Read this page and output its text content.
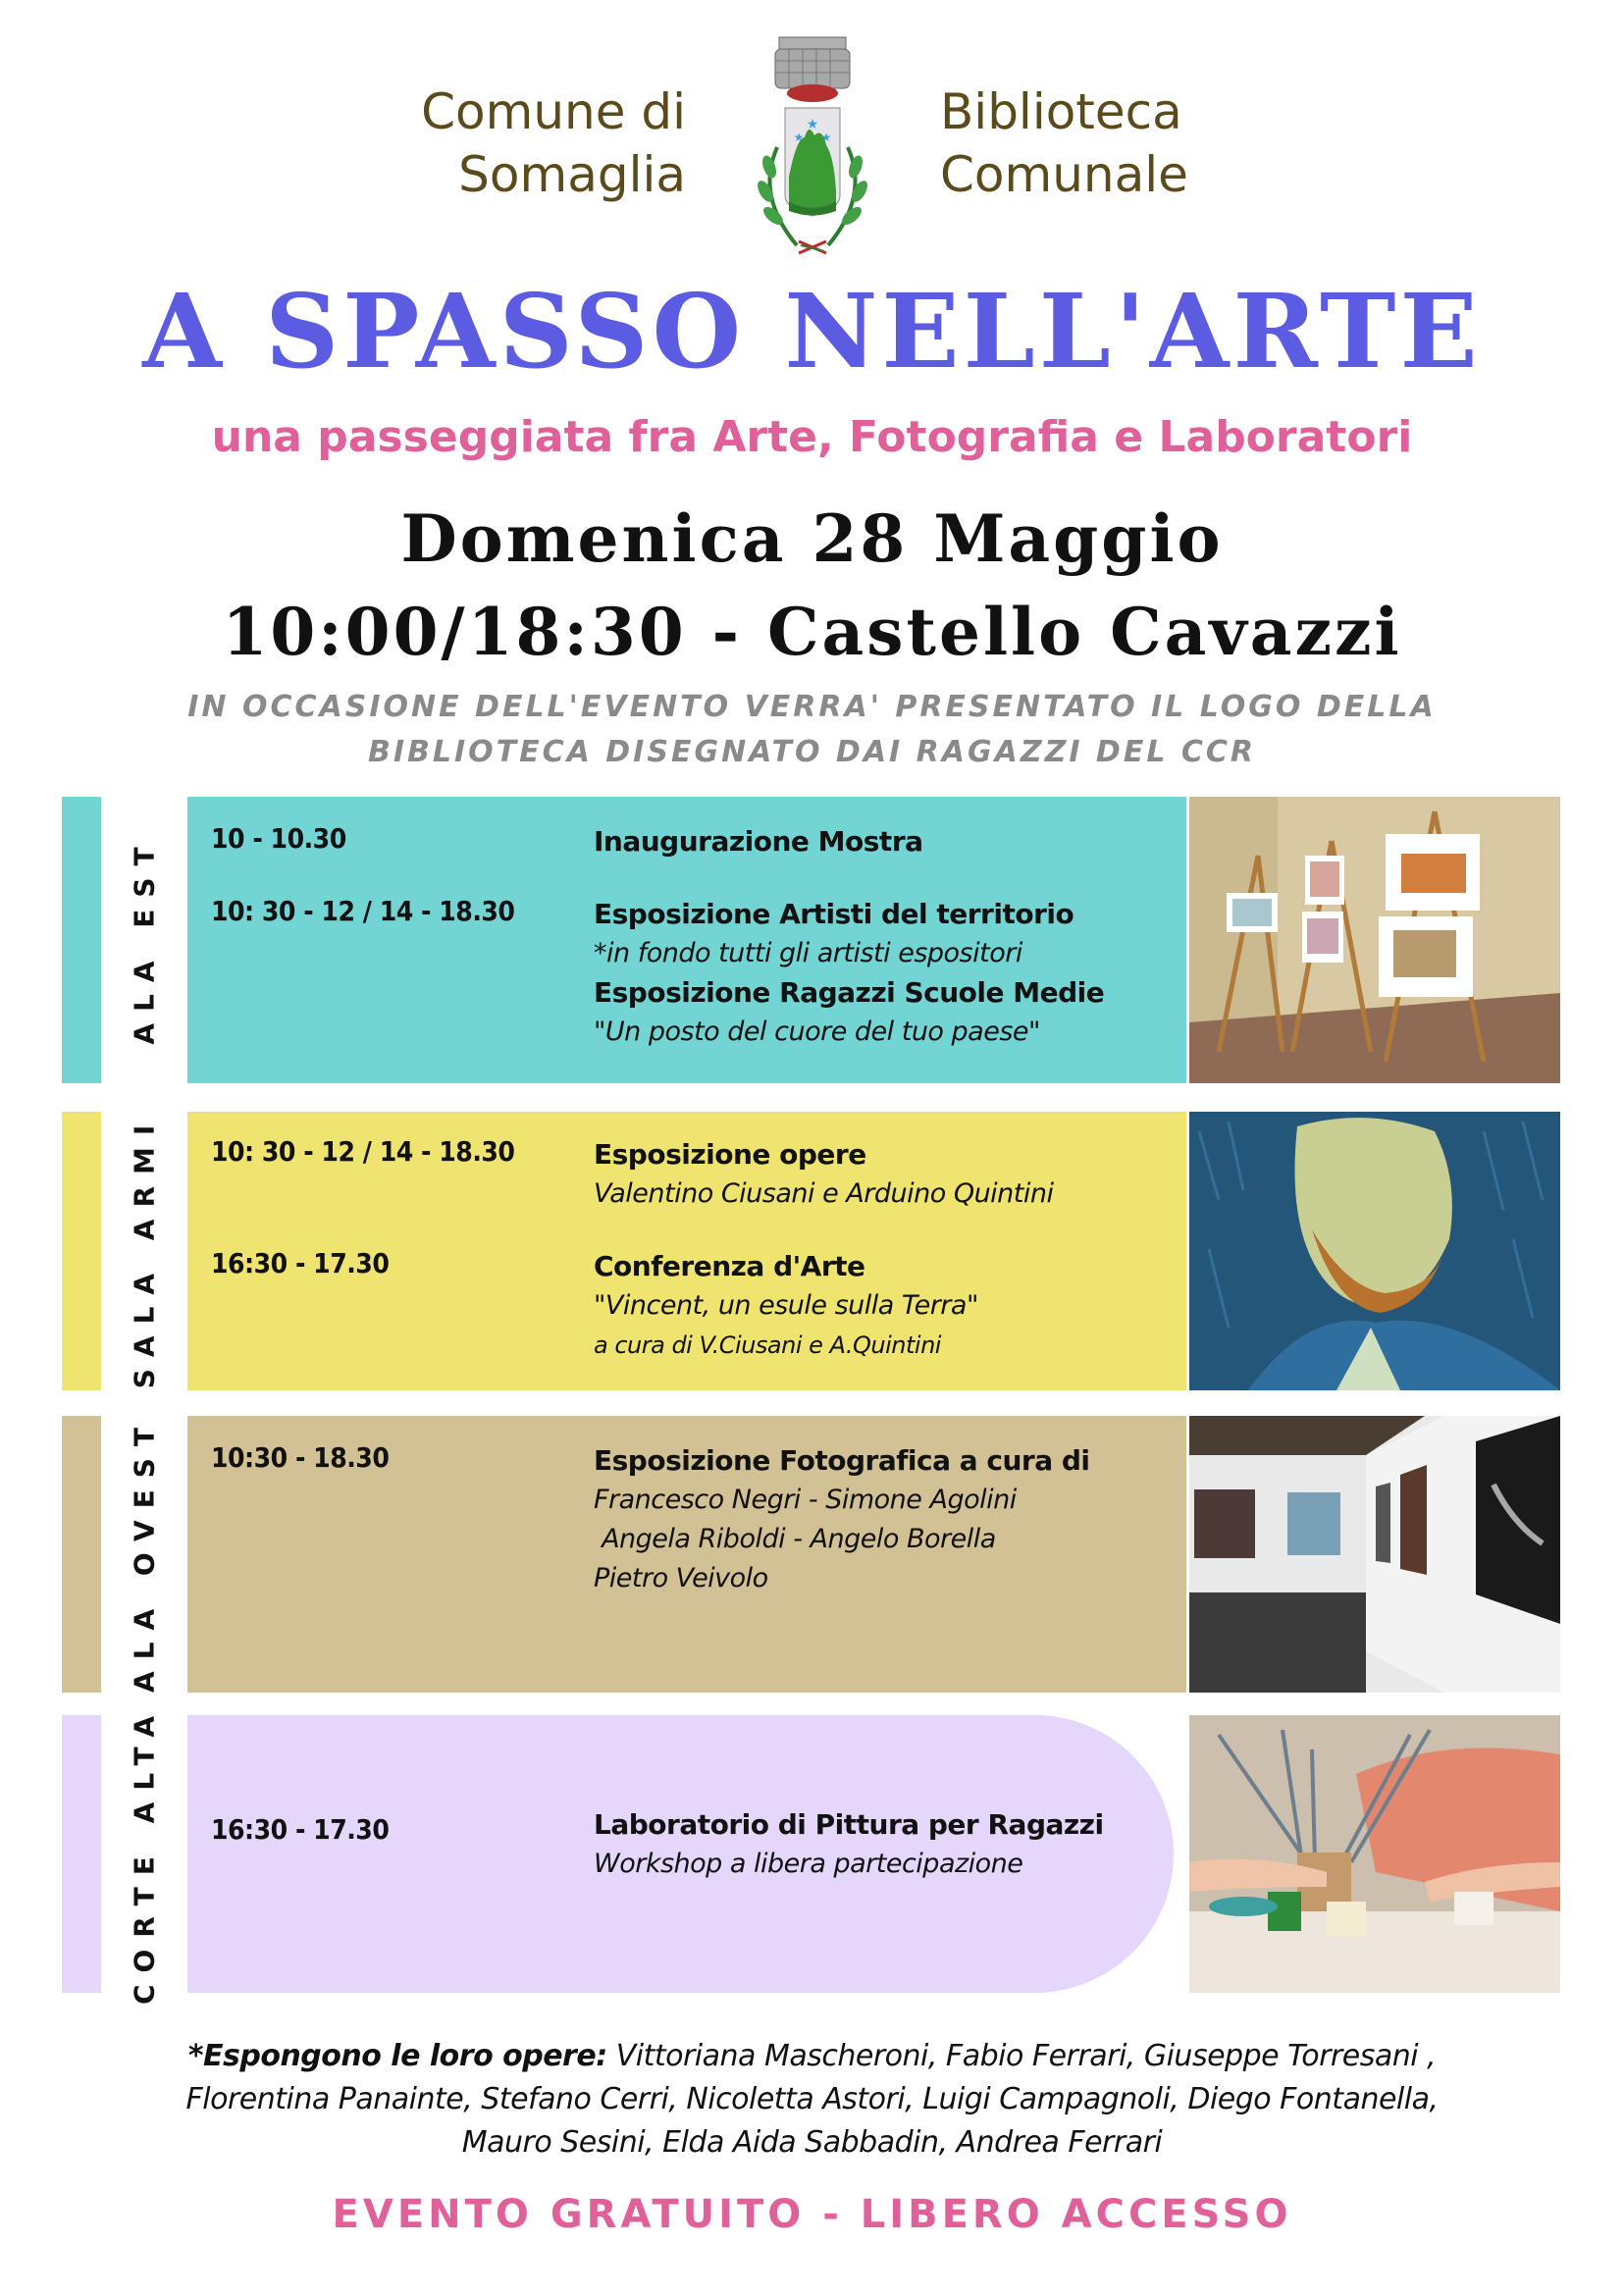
Comune di
Somaglia
★
★ ★ Biblioteca
Comunale
A SPASSO NELL'ARTE
una passeggiata fra Arte, Fotografia e Laboratori
Domenica 28 Maggio
10:00/18:30 - Castello Cavazzi
IN OCCASIONE DELL'EVENTO VERRA' PRESENTATO IL LOGO DELLA
BIBLIOTECA DISEGNATO DAI RAGAZZI DEL CCR
ALA EST 10 - 10.30	Inaugurazione Mostra
10: 30 - 12 / 14 - 18.30	Esposizione Artisti del territorio
*in fondo tutti gli artisti espositori
Esposizione Ragazzi Scuole Medie
"Un posto del cuore del tuo paese"
SALA ARMI 10: 30 - 12 / 14 - 18.30	Esposizione opere
Valentino Ciusani e Arduino Quintini
16:30 - 17.30	Conferenza d'Arte
"Vincent, un esule sulla Terra"
a cura di V.Ciusani e A.Quintini
ALA OVEST 10:30 - 18.30	Esposizione Fotografica a cura di
Francesco Negri - Simone Agolini
Angela Riboldi - Angelo Borella
Pietro Veivolo
CORTE ALTA 16:30 - 17.30	Laboratorio di Pittura per Ragazzi
Workshop a libera partecipazione
*Espongono le loro opere: Vittoriana Mascheroni, Fabio Ferrari, Giuseppe Torresani ,
Florentina Panainte, Stefano Cerri, Nicoletta Astori, Luigi Campagnoli, Diego Fontanella,
Mauro Sesini, Elda Aida Sabbadin, Andrea Ferrari
EVENTO GRATUITO - LIBERO ACCESSO
